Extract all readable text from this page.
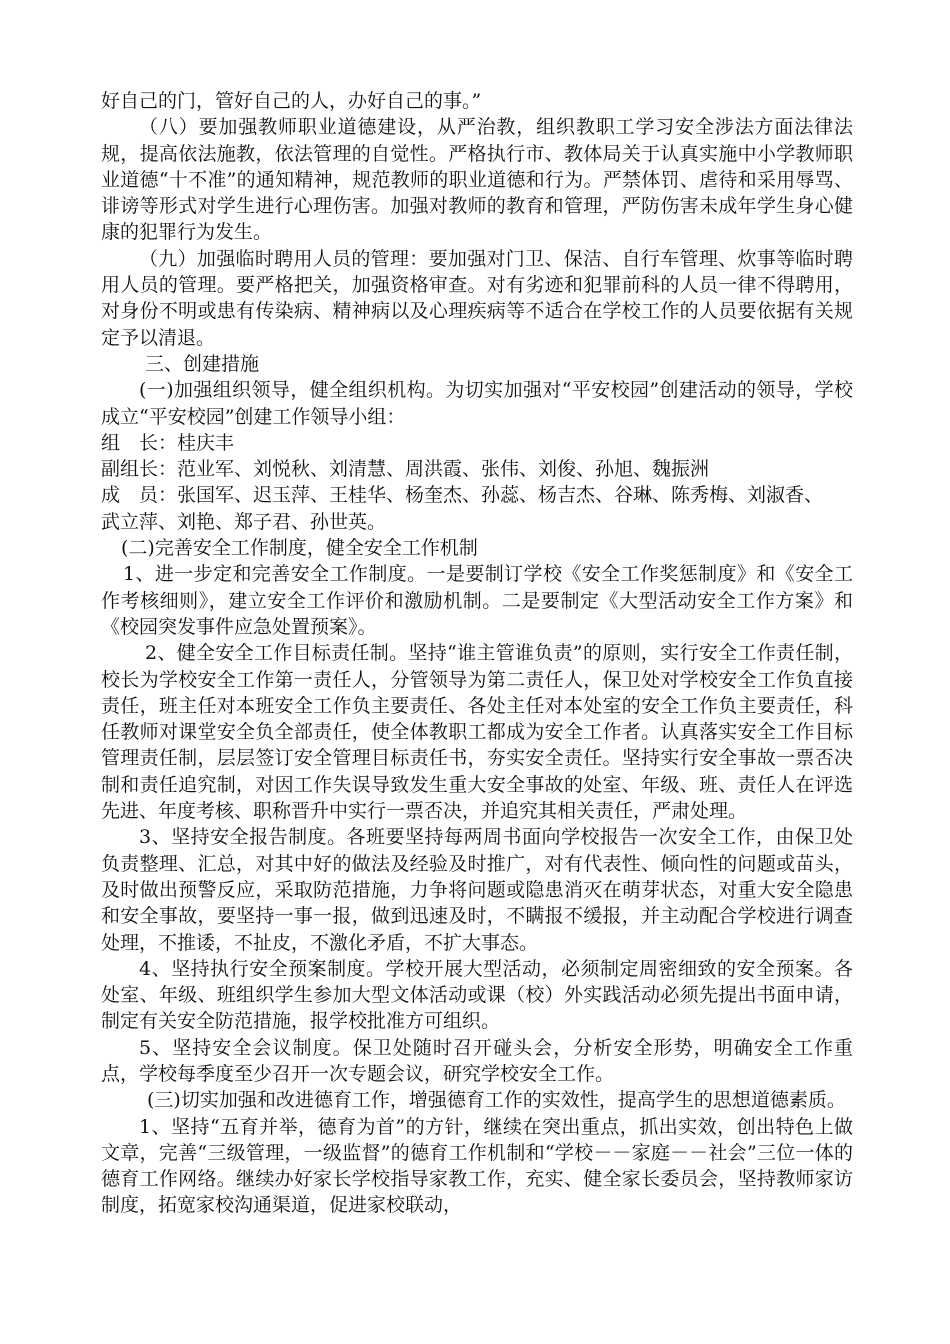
好自己的门，管好自己的人，办好自己的事。”

（八）要加强教师职业道德建设，从严治教，组织教职工学习安全涉法方面法律法规，提高依法施教，依法管理的自觉性。严格执行市、教体局关于认真实施中小学教师职业道德“十不准”的通知精神，规范教师的职业道德和行为。严禁体罚、虐待和采用辱骂、诽谤等形式对学生进行心理伤害。加强对教师的教育和管理，严防伤害未成年学生身心健康的犯罪行为发生。

（九）加强临时聘用人员的管理：要加强对门卫、保洁、自行车管理、炊事等临时聘用人员的管理。要严格把关，加强资格审查。对有劣迹和犯罪前科的人员一律不得聘用，对身份不明或患有传染病、精神病以及心理疾病等不适合在学校工作的人员要依据有关规定予以清退。

三、创建措施

(一)加强组织领导，健全组织机构。为切实加强对“平安校园”创建活动的领导，学校成立“平安校园”创建工作领导小组：

组　长：桂庆丰

副组长：范业军、刘悦秋、刘清慧、周洪霞、张伟、刘俊、孙旭、魏振洲

成　员：张国军、迟玉萍、王桂华、杨奎杰、孙蕊、杨吉杰、谷琳、陈秀梅、刘淑香、

武立萍、刘艳、郑子君、孙世英。

(二)完善安全工作制度，健全安全工作机制

1、进一步定和完善安全工作制度。一是要制订学校《安全工作奖惩制度》和《安全工作考核细则》，建立安全工作评价和激励机制。二是要制定《大型活动安全工作方案》和《校园突发事件应急处置预案》。

2、健全安全工作目标责任制。坚持“谁主管谁负责”的原则，实行安全工作责任制，校长为学校安全工作第一责任人，分管领导为第二责任人，保卫处对学校安全工作负直接责任，班主任对本班安全工作负主要责任、各处主任对本处室的安全工作负主要责任，科任教师对课堂安全负全部责任，使全体教职工都成为安全工作者。认真落实安全工作目标管理责任制，层层签订安全管理目标责任书，夯实安全责任。坚持实行安全事故一票否决制和责任追究制，对因工作失误导致发生重大安全事故的处室、年级、班、责任人在评选先进、年度考核、职称晋升中实行一票否决，并追究其相关责任，严肃处理。

3、坚持安全报告制度。各班要坚持每两周书面向学校报告一次安全工作，由保卫处负责整理、汇总，对其中好的做法及经验及时推广，对有代表性、倾向性的问题或苗头，及时做出预警反应，采取防范措施，力争将问题或隐患消灭在萌芽状态，对重大安全隐患和安全事故，要坚持一事一报，做到迅速及时，不瞒报不缓报，并主动配合学校进行调查处理，不推诿，不扯皮，不激化矛盾，不扩大事态。

4、坚持执行安全预案制度。学校开展大型活动，必须制定周密细致的安全预案。各处室、年级、班组织学生参加大型文体活动或课（校）外实践活动必须先提出书面申请，制定有关安全防范措施，报学校批准方可组织。

5、坚持安全会议制度。保卫处随时召开碰头会，分析安全形势，明确安全工作重点，学校每季度至少召开一次专题会议，研究学校安全工作。

(三)切实加强和改进德育工作，增强德育工作的实效性，提高学生的思想道德素质。

1、坚持“五育并举，德育为首”的方针，继续在突出重点，抓出实效，创出特色上做文章，完善“三级管理，一级监督”的德育工作机制和“学校－－家庭－－社会”三位一体的德育工作网络。继续办好家长学校指导家教工作，充实、健全家长委员会，坚持教师家访制度，拓宽家校沟通渠道，促进家校联动，
